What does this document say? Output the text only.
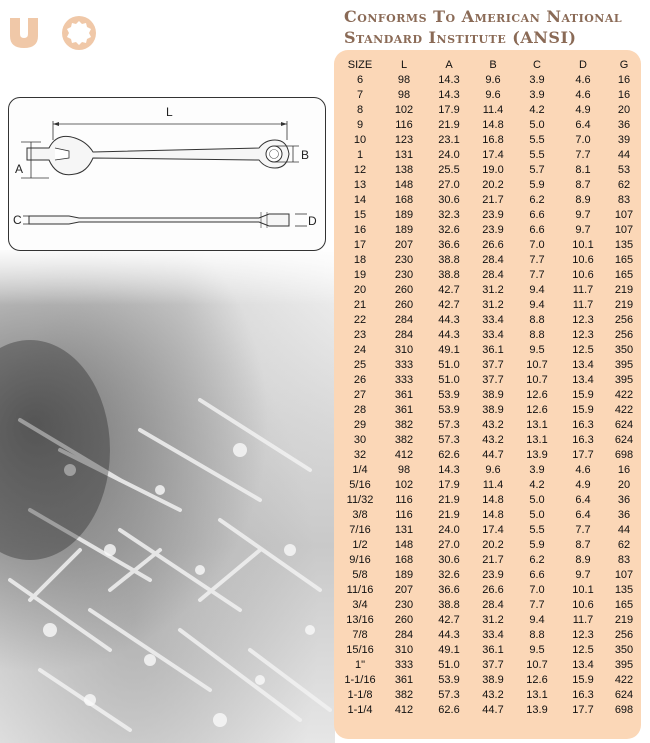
Conforms To American National
Standard Institute (ANSI)
L
A
B
C	D
SIZE	L	A	B	C	D	G
6	98	14.3	9.6	3.9	4.6	16
7	98	14.3	9.6	3.9	4.6	16
8	102	17.9	11.4	4.2	4.9	20
9	116	21.9	14.8	5.0	6.4	36
10	123	23.1	16.8	5.5	7.0	39
1	131	24.0	17.4	5.5	7.7	44
12	138	25.5	19.0	5.7	8.1	53
13	148	27.0	20.2	5.9	8.7	62
14	168	30.6	21.7	6.2	8.9	83
15	189	32.3	23.9	6.6	9.7	107
16	189	32.6	23.9	6.6	9.7	107
17	207	36.6	26.6	7.0	10.1	135
18	230	38.8	28.4	7.7	10.6	165
19	230	38.8	28.4	7.7	10.6	165
20	260	42.7	31.2	9.4	11.7	219
21	260	42.7	31.2	9.4	11.7	219
22	284	44.3	33.4	8.8	12.3	256
23	284	44.3	33.4	8.8	12.3	256
24	310	49.1	36.1	9.5	12.5	350
25	333	51.0	37.7	10.7	13.4	395
26	333	51.0	37.7	10.7	13.4	395
27	361	53.9	38.9	12.6	15.9	422
28	361	53.9	38.9	12.6	15.9	422
29	382	57.3	43.2	13.1	16.3	624
30	382	57.3	43.2	13.1	16.3	624
32	412	62.6	44.7	13.9	17.7	698
1/4	98	14.3	9.6	3.9	4.6	16
5/16	102	17.9	11.4	4.2	4.9	20
11/32	116	21.9	14.8	5.0	6.4	36
3/8	116	21.9	14.8	5.0	6.4	36
7/16	131	24.0	17.4	5.5	7.7	44
1/2	148	27.0	20.2	5.9	8.7	62
9/16	168	30.6	21.7	6.2	8.9	83
5/8	189	32.6	23.9	6.6	9.7	107
11/16	207	36.6	26.6	7.0	10.1	135
3/4	230	38.8	28.4	7.7	10.6	165
13/16	260	42.7	31.2	9.4	11.7	219
7/8	284	44.3	33.4	8.8	12.3	256
15/16	310	49.1	36.1	9.5	12.5	350
1"	333	51.0	37.7	10.7	13.4	395
1-1/16	361	53.9	38.9	12.6	15.9	422
1-1/8	382	57.3	43.2	13.1	16.3	624
1-1/4	412	62.6	44.7	13.9	17.7	698
